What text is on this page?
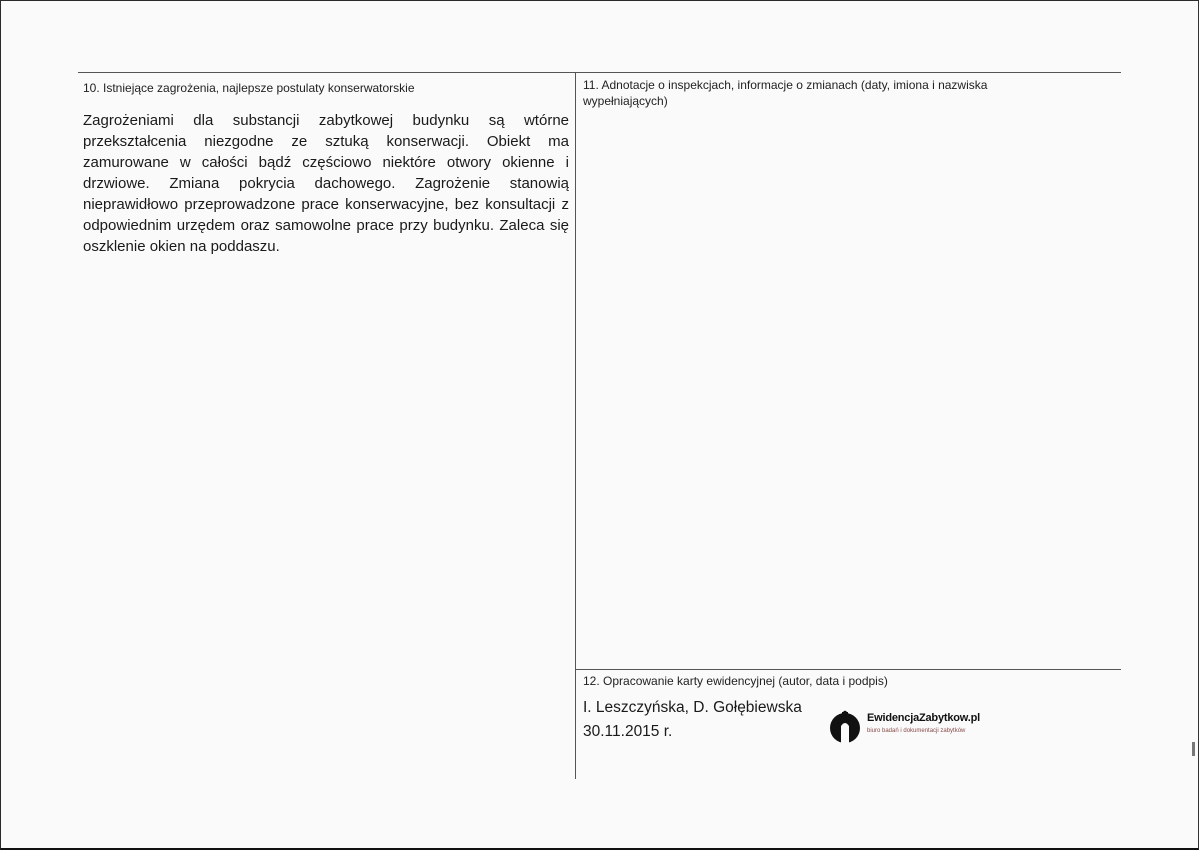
10. Istniejące zagrożenia, najlepsze postulaty konserwatorskie
Zagrożeniami dla substancji zabytkowej budynku są wtórne przekształcenia niezgodne ze sztuką konserwacji. Obiekt ma zamurowane w całości bądź częściowo niektóre otwory okienne i drzwiowe. Zmiana pokrycia dachowego. Zagrożenie stanowią nieprawidłowo przeprowadzone prace konserwacyjne, bez konsultacji z odpowiednim urzędem oraz samowolne prace przy budynku. Zaleca się oszklenie okien na poddaszu.
11. Adnotacje o inspekcjach, informacje o zmianach (daty, imiona i nazwiska wypełniających)
12. Opracowanie karty ewidencyjnej (autor, data i podpis)
I. Leszczyńska, D. Gołębiewska
30.11.2015 r.
EwidencjaZabytkow.pl
biuro badań i dokumentacji zabytków
